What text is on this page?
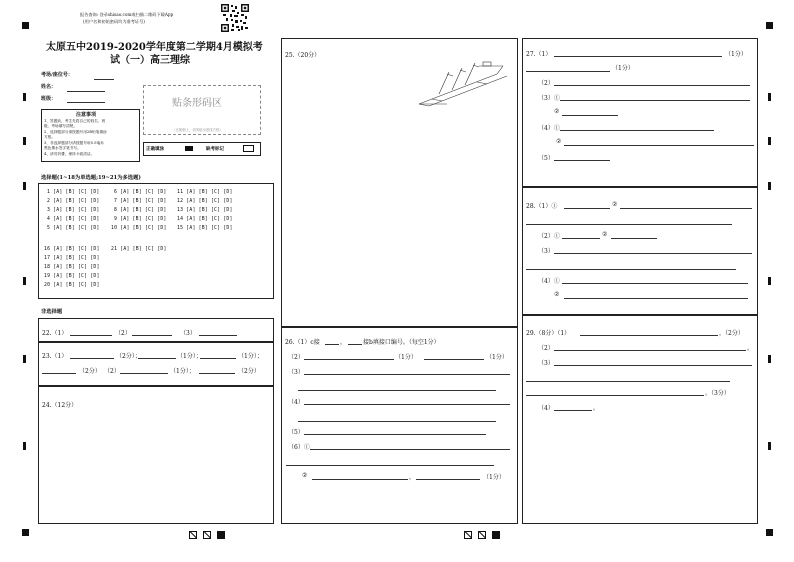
报告查询: 登录shisao.com或扫描二维码下载App
(用户名和初始密码均为准考证号)
太原五中2019-2020学年度第二学期4月模拟考
试（一）高三理综
考场/座位号：
姓名：
班级：	贴条形码区
（正面朝上，切勿贴出虚线方框）
注意事项
1、答题前，考生先将自己的姓名、班
级、考场填写清楚。
2、选择题部分请按题号用2B铅笔填涂
方框。
3、非选择题部分请按题号用0.5毫米
黑色墨水签字笔书写。
4、请勿折叠，保持卡面清洁。
正确填涂	缺考标记
选择题(1~18为单选题;19~21为多选题)
1 [A] [B] [C] [D]
2 [A] [B] [C] [D]
3 [A] [B] [C] [D]
4 [A] [B] [C] [D]
5 [A] [B] [C] [D]
6 [A] [B] [C] [D]
7 [A] [B] [C] [D]
8 [A] [B] [C] [D]
9 [A] [B] [C] [D]
10 [A] [B] [C] [D]
11 [A] [B] [C] [D]
12 [A] [B] [C] [D]
13 [A] [B] [C] [D]
14 [A] [B] [C] [D]
15 [A] [B] [C] [D]
16 [A] [B] [C] [D]
17 [A] [B] [C] [D]
18 [A] [B] [C] [D]
19 [A] [B] [C] [D]
20 [A] [B] [C] [D]
21 [A] [B] [C] [D]
非选择题
22.（1）	（2）	（3）
23.（1）	（2分）；	（1分）；	（1分）；
（2分） （2）	（1分）；	（2分）
24.（12分）
25.（20分）
26.（1）c接	，	接b填接口编号。（每空1分）
（2）	（1分）	（1分）
（3）
（4）
（5）
（6）①
②	，	（1分）
27.（1）	（1分）
（1分）
（2）
（3）①
②
（4）①
②
（5）
28.（1）①	②
（2）①	②
（3）
（4）①
②
29.（8分）（1）	，（2分）
（2）	。
（3）
。（3分）
（4）	。
